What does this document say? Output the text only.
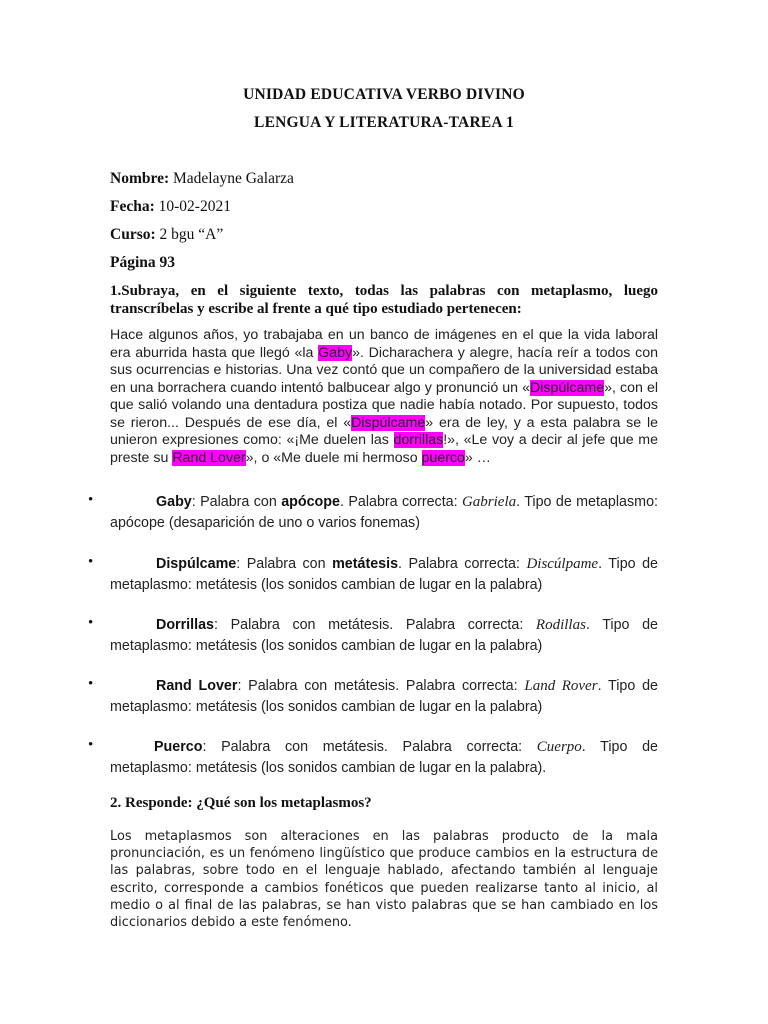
UNIDAD EDUCATIVA VERBO DIVINO
LENGUA Y LITERATURA-TAREA 1
Nombre: Madelayne Galarza
Fecha: 10-02-2021
Curso: 2 bgu “A”
Página 93
1.Subraya, en el siguiente texto, todas las palabras con metaplasmo, luego transcríbelas y escribe al frente a qué tipo estudiado pertenecen:
Hace algunos años, yo trabajaba en un banco de imágenes en el que la vida laboral era aburrida hasta que llegó «la Gaby». Dicharachera y alegre, hacía reír a todos con sus ocurrencias e historias. Una vez contó que un compañero de la universidad estaba en una borrachera cuando intentó balbucear algo y pronunció un «Dispúlcame», con el que salió volando una dentadura postiza que nadie había notado. Por supuesto, todos se rieron... Después de ese día, el «Dispúlcame» era de ley, y a esta palabra se le unieron expresiones como: «¡Me duelen las dorrillas!», «Le voy a decir al jefe que me preste su Rand Lover», o «Me duele mi hermoso puerco» …
•	Gaby: Palabra con apócope. Palabra correcta: Gabriela. Tipo de metaplasmo: apócope (desaparición de uno o varios fonemas)
•	Dispúlcame: Palabra con metátesis. Palabra correcta: Discúlpame. Tipo de metaplasmo: metátesis (los sonidos cambian de lugar en la palabra)
•	Dorrillas: Palabra con metátesis. Palabra correcta: Rodillas. Tipo de metaplasmo: metátesis (los sonidos cambian de lugar en la palabra)
•	Rand Lover: Palabra con metátesis. Palabra correcta: Land Rover. Tipo de metaplasmo: metátesis (los sonidos cambian de lugar en la palabra)
•	Puerco: Palabra con metátesis. Palabra correcta: Cuerpo. Tipo de metaplasmo: metátesis (los sonidos cambian de lugar en la palabra).
2. Responde: ¿Qué son los metaplasmos?
Los metaplasmos son alteraciones en las palabras producto de la mala pronunciación, es un fenómeno lingüístico que produce cambios en la estructura de las palabras, sobre todo en el lenguaje hablado, afectando también al lenguaje escrito, corresponde a cambios fonéticos que pueden realizarse tanto al inicio, al medio o al final de las palabras, se han visto palabras que se han cambiado en los diccionarios debido a este fenómeno.
